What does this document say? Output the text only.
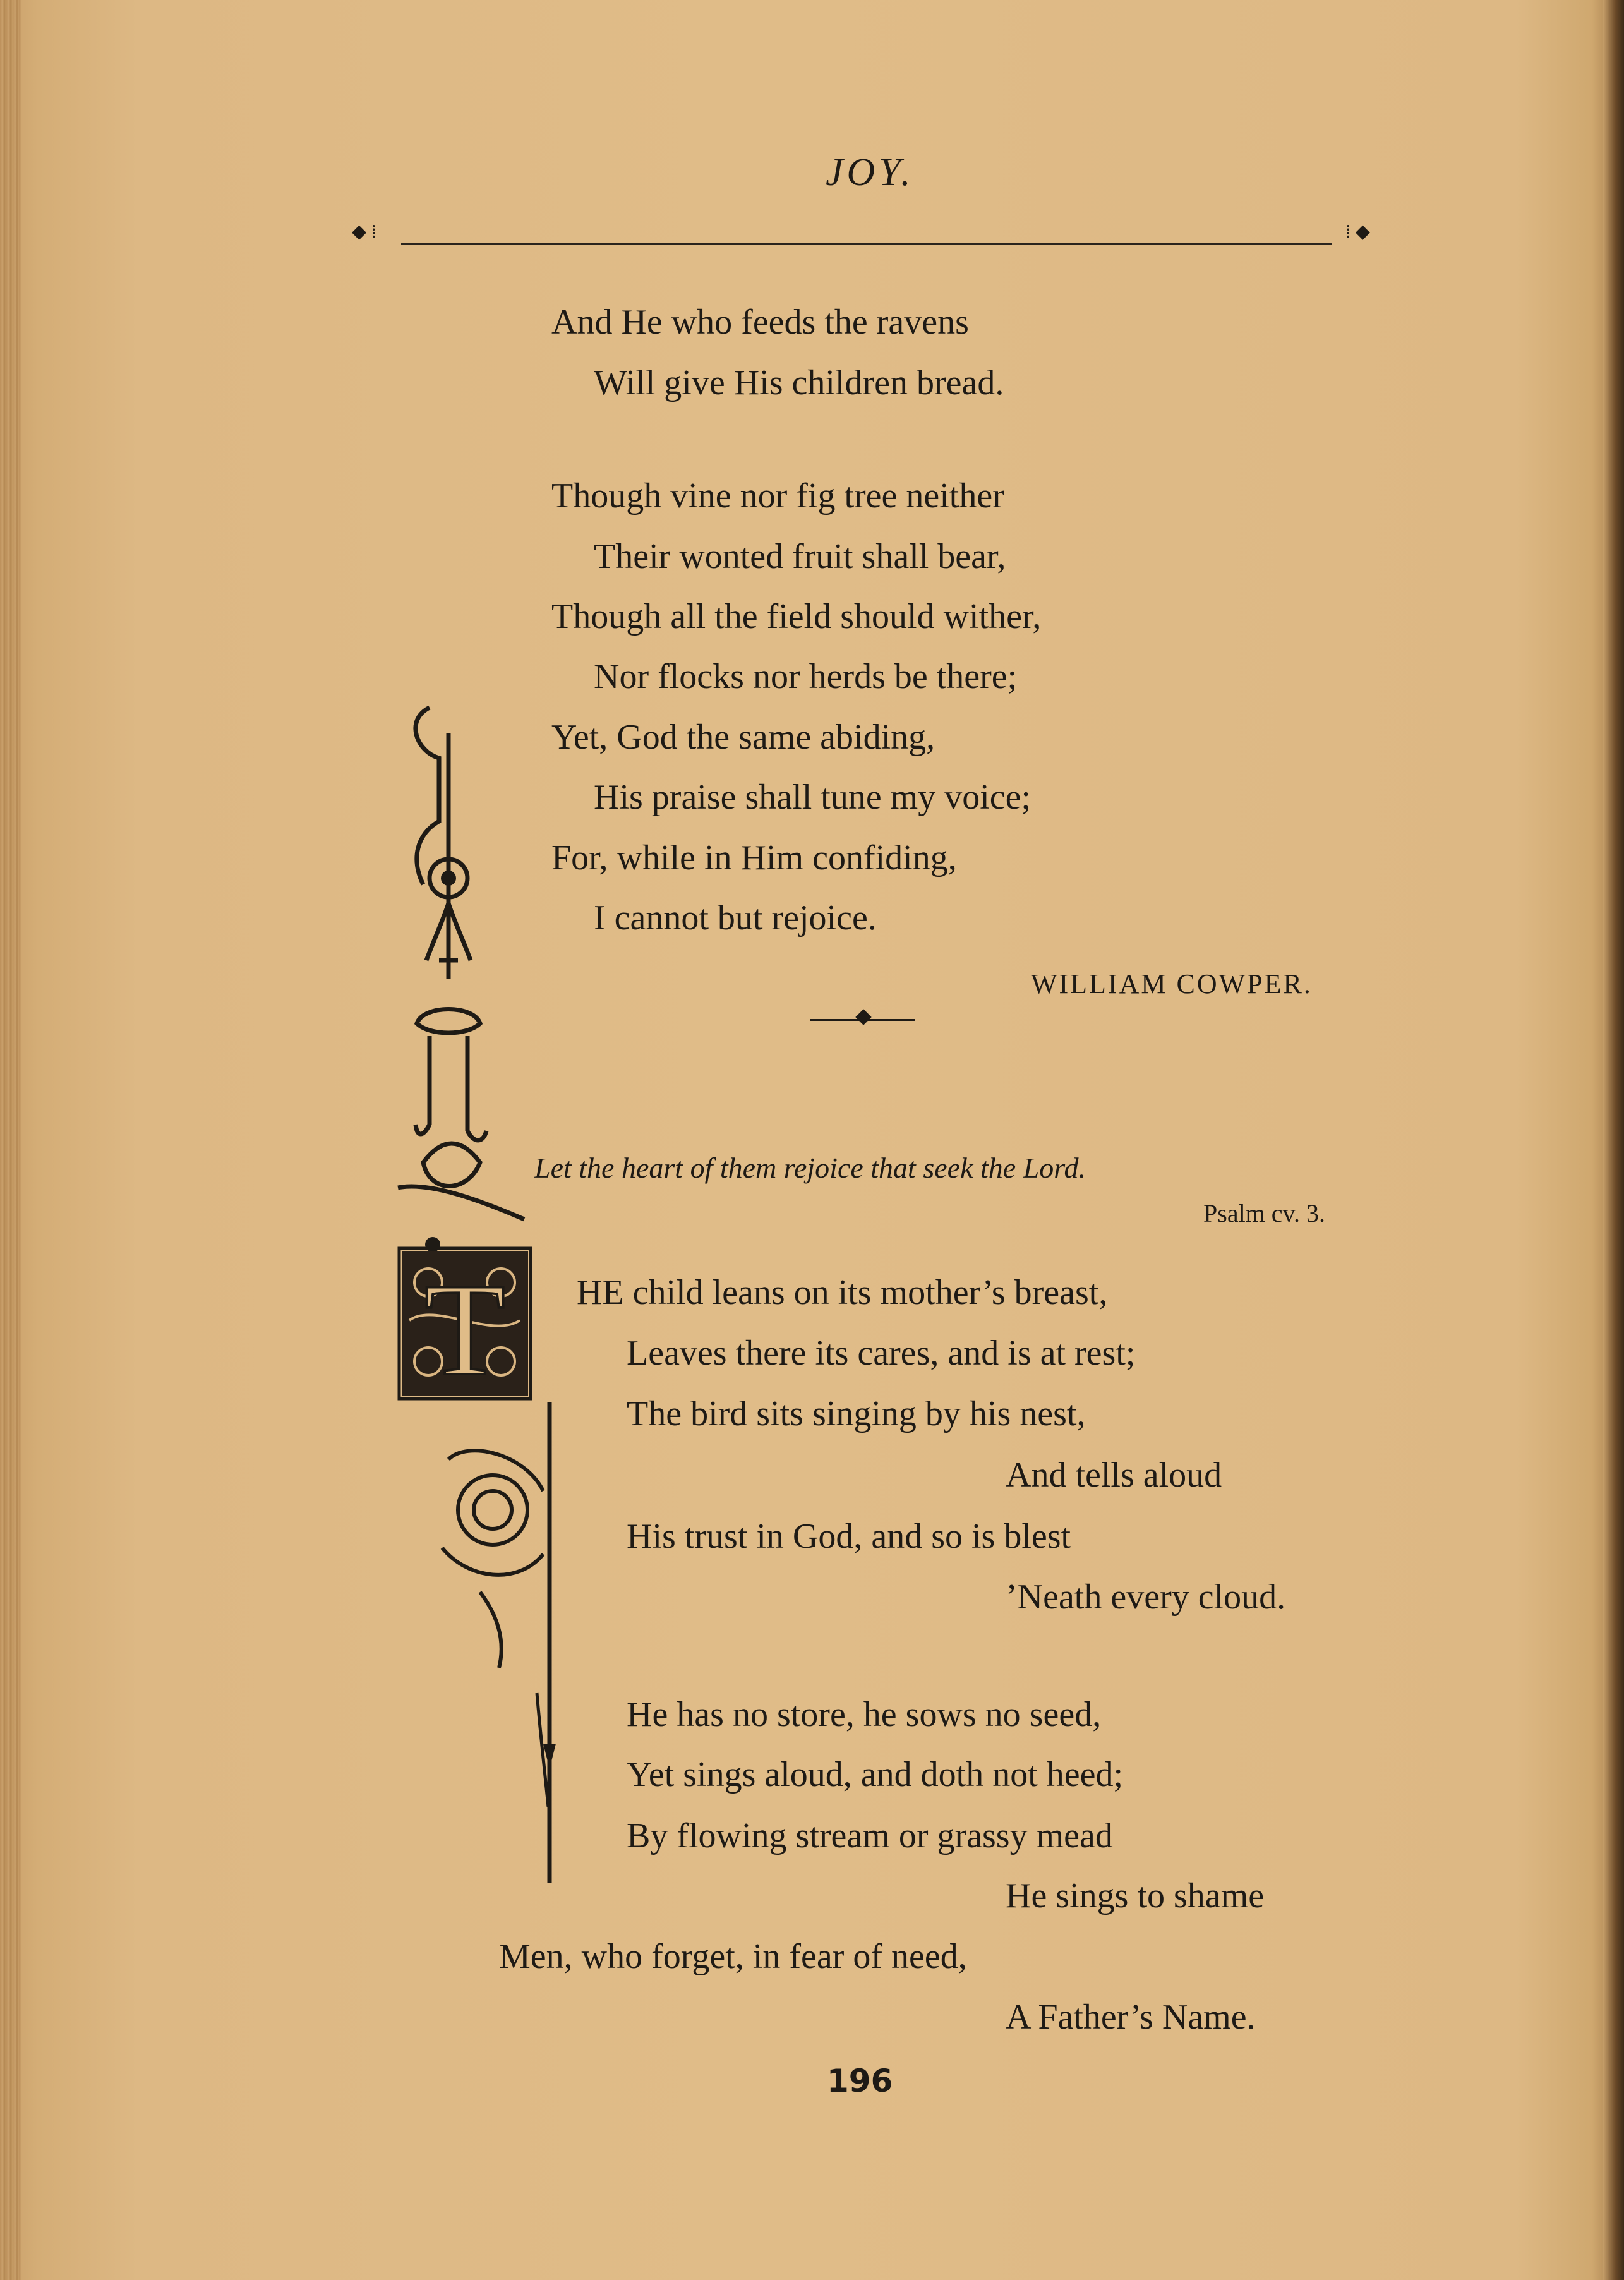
JOY.
◆ ⁞	⁞ ◆
And He who feeds the ravens
Will give His children bread.
Though vine nor fig tree neither
Their wonted fruit shall bear,
Though all the field should wither,
Nor flocks nor herds be there;
Yet, God the same abiding,
His praise shall tune my voice;
For, while in Him confiding,
I cannot but rejoice.
WILLIAM COWPER.
Let the heart of them rejoice that seek the Lord.
Psalm cv. 3.
T HE child leans on its mother’s breast,
Leaves there its cares, and is at rest;
The bird sits singing by his nest,
And tells aloud
His trust in God, and so is blest
’Neath every cloud.
He has no store, he sows no seed,
Yet sings aloud, and doth not heed;
By flowing stream or grassy mead
He sings to shame
Men, who forget, in fear of need,
A Father’s Name.
196
